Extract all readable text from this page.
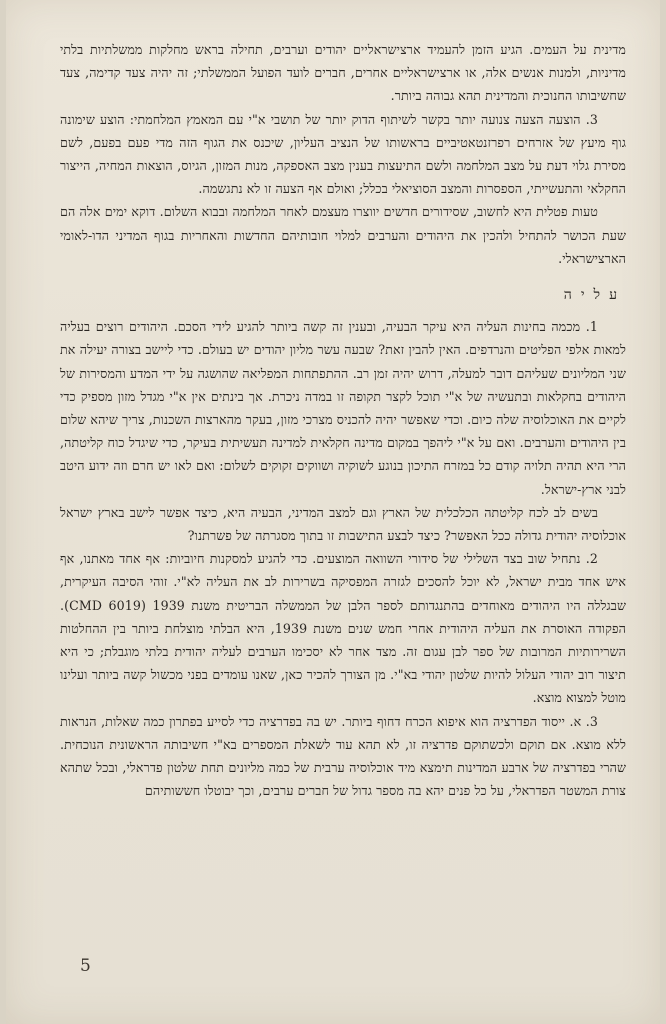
מדינית על העמים. הגיע הזמן להעמיד ארצישראליים יהודים וערבים, תחילה בראש מחלקות ממשלתיות בלתי מדיניות, ולמנות אנשים אלה, או ארצישראליים אחרים, חברים לועד הפועל הממשלתי; זה יהיה צעד קדימה, צעד שחשיבותו החנוכית והמדינית תהא גבוהה ביותר.

3. הוצעה הצעה צנועה יותר בקשר לשיתוף הדוק יותר של תושבי א"י עם המאמץ המלחמתי: הוצע שימונה גוף מיעץ של אזרחים רפרזנטאטיביים בראשותו של הנציב העליון, שיכנס את הגוף הזה מדי פעם בפעם, לשם מסירת גלוי דעת על מצב המלחמה ולשם התיעצות בענין מצב האספקה, מנות המזון, הגיוס, הוצאות המחיה, הייצור החקלאי והתעשייתי, הספסרות והמצב הסוציאלי בכלל; ואולם אף הצעה זו לא נתגשמה.

טעות פטלית היא לחשוב, שסידורים חדשים יווצרו מעצמם לאחר המלחמה ובבוא השלום. דוקא ימים אלה הם שעת הכושר להתחיל ולהכין את היהודים והערבים למלוי חובותיהם החדשות והאחריות בגוף המדיני הדו-לאומי הארצישראלי.

עליה

1. מכמה בחינות העליה היא עיקר הבעיה, ובענין זה קשה ביותר להגיע לידי הסכם. היהודים רוצים בעליה למאות אלפי הפליטים והנרדפים. האין להבין זאת? שבעה עשר מליון יהודים יש בעולם. כדי ליישב בצורה יעילה את שני המליונים שעליהם דובר למעלה, דרוש יהיה זמן רב. ההתפתחות המפליאה שהושגה על ידי המדע והמסירות של היהודים בחקלאות ובתעשיה של א"י תוכל לקצר תקופה זו במדה ניכרת. אך בינתים אין א"י מגדל מזון מספיק כדי לקיים את האוכלוסיה שלה כיום. וכדי שאפשר יהיה להכניס מצרכי מזון, בעקר מהארצות השכנות, צריך שיהא שלום בין היהודים והערבים. ואם על א"י ליהפך במקום מדינה חקלאית למדינה תעשיתית בעיקר, כדי שיגדל כוח קליטתה, הרי היא תהיה תלויה קודם כל במזרח התיכון בנוגע לשוקיה ושווקים זקוקים לשלום: ואם לאו יש חרם וזה ידוע היטב לבני ארץ-ישראל.

בשים לב לכח קליטתה הכלכלית של הארץ וגם למצב המדיני, הבעיה היא, כיצד אפשר לישב בארץ ישראל אוכלוסיה יהודית גדולה ככל האפשר? כיצד לבצע התישבות זו בתוך מסגרתה של פשרתנו?

2. נתחיל שוב בצד השלילי של סידורי השוואה המוצעים. כדי להגיע למסקנות חיוביות: אף אחד מאתנו, אף איש אחד מבית ישראל, לא יוכל להסכים לגזרה המפסיקה בשרירות לב את העליה לא"י. זוהי הסיבה העיקרית, שבגללה היו היהודים מאוחדים בהתנגדותם לספר הלבן של הממשלה הבריטית משנת 1939 (CMD 6019). הפקודה האוסרת את העליה היהודית אחרי חמש שנים משנת 1939, היא הבלתי מוצלחת ביותר בין ההחלטות השרירותיות המרובות של ספר לבן עגום זה. מצד אחר לא יסכימו הערבים לעליה יהודית בלתי מוגבלת; כי היא תיצור רוב יהודי העלול להיות שלטון יהודי בא"י. מן הצורך להכיר כאן, שאנו עומדים בפני מכשול קשה ביותר ועלינו מוטל למצוא מוצא.

3. א. ייסוד הפדרציה הוא איפוא הכרח דחוף ביותר. יש בה בפדרציה כדי לסייע בפתרון כמה שאלות, הנראות ללא מוצא. אם תוקם ולכשתוקם פדרציה זו, לא תהא עוד לשאלת המספרים בא"י חשיבותה הראשונית הנוכחית. שהרי בפדרציה של ארבע המדינות תימצא מיד אוכלוסיה ערבית של כמה מליונים תחת שלטון פדראלי, ובכל שתהא צורת המשטר הפדראלי, על כל פנים יהא בה מספר גדול של חברים ערבים, וכך יבוטלו חששותיהם

5
